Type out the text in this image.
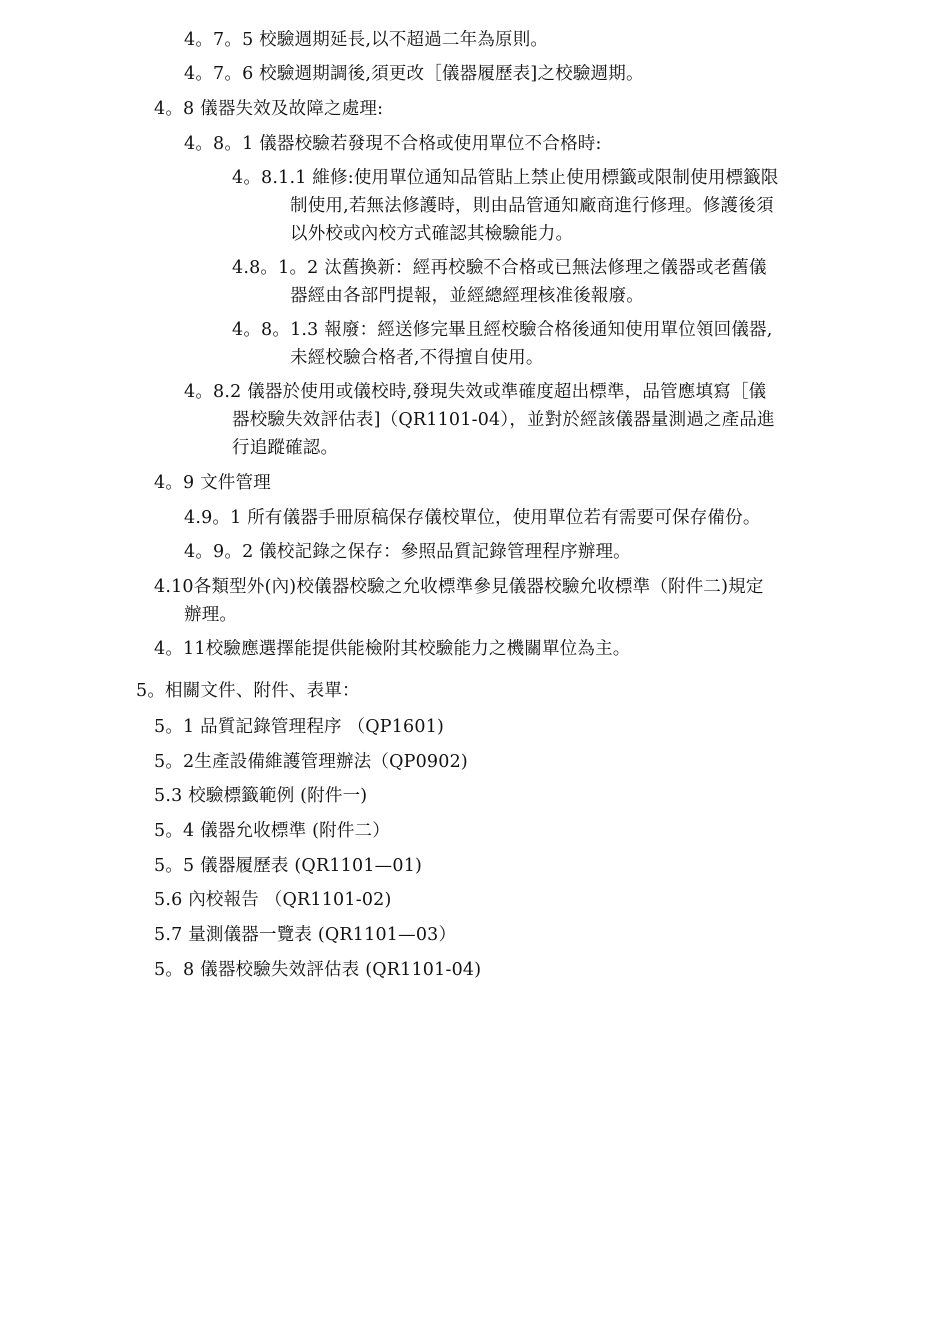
4。7。5 校驗週期延長,以不超過二年為原則。
4。7。6 校驗週期調後,須更改［儀器履歷表]之校驗週期。
4。8 儀器失效及故障之處理:
4。8。1 儀器校驗若發現不合格或使用單位不合格時:
4。8.1.1 維修:使用單位通知品管貼上禁止使用標籤或限制使用標籤限
制使用,若無法修護時，則由品管通知廠商進行修理。修護後須
以外校或內校方式確認其檢驗能力。
4.8。1。2 汰舊換新：經再校驗不合格或已無法修理之儀器或老舊儀
器經由各部門提報，並經總經理核准後報廢。
4。8。1.3 報廢：經送修完畢且經校驗合格後通知使用單位領回儀器,
未經校驗合格者,不得擅自使用。
4。8.2 儀器於使用或儀校時,發現失效或準確度超出標準，品管應填寫［儀
器校驗失效評估表]（QR1101-04），並對於經該儀器量測過之產品進
行追蹤確認。
4。9 文件管理
4.9。1 所有儀器手冊原稿保存儀校單位，使用單位若有需要可保存備份。
4。9。2 儀校記錄之保存：參照品質記錄管理程序辦理。
4.10各類型外(內)校儀器校驗之允收標準參見儀器校驗允收標準（附件二)規定
辦理。
4。11校驗應選擇能提供能檢附其校驗能力之機關單位為主。
5。相關文件、附件、表單：
5。1 品質記錄管理程序 （QP1601)
5。2生產設備維護管理辦法（QP0902)
5.3 校驗標籤範例 (附件一)
5。4 儀器允收標準 (附件二）
5。5 儀器履歷表 (QR1101—01)
5.6 內校報告 （QR1101-02)
5.7 量測儀器一覽表 (QR1101—03）
5。8 儀器校驗失效評估表 (QR1101-04)
